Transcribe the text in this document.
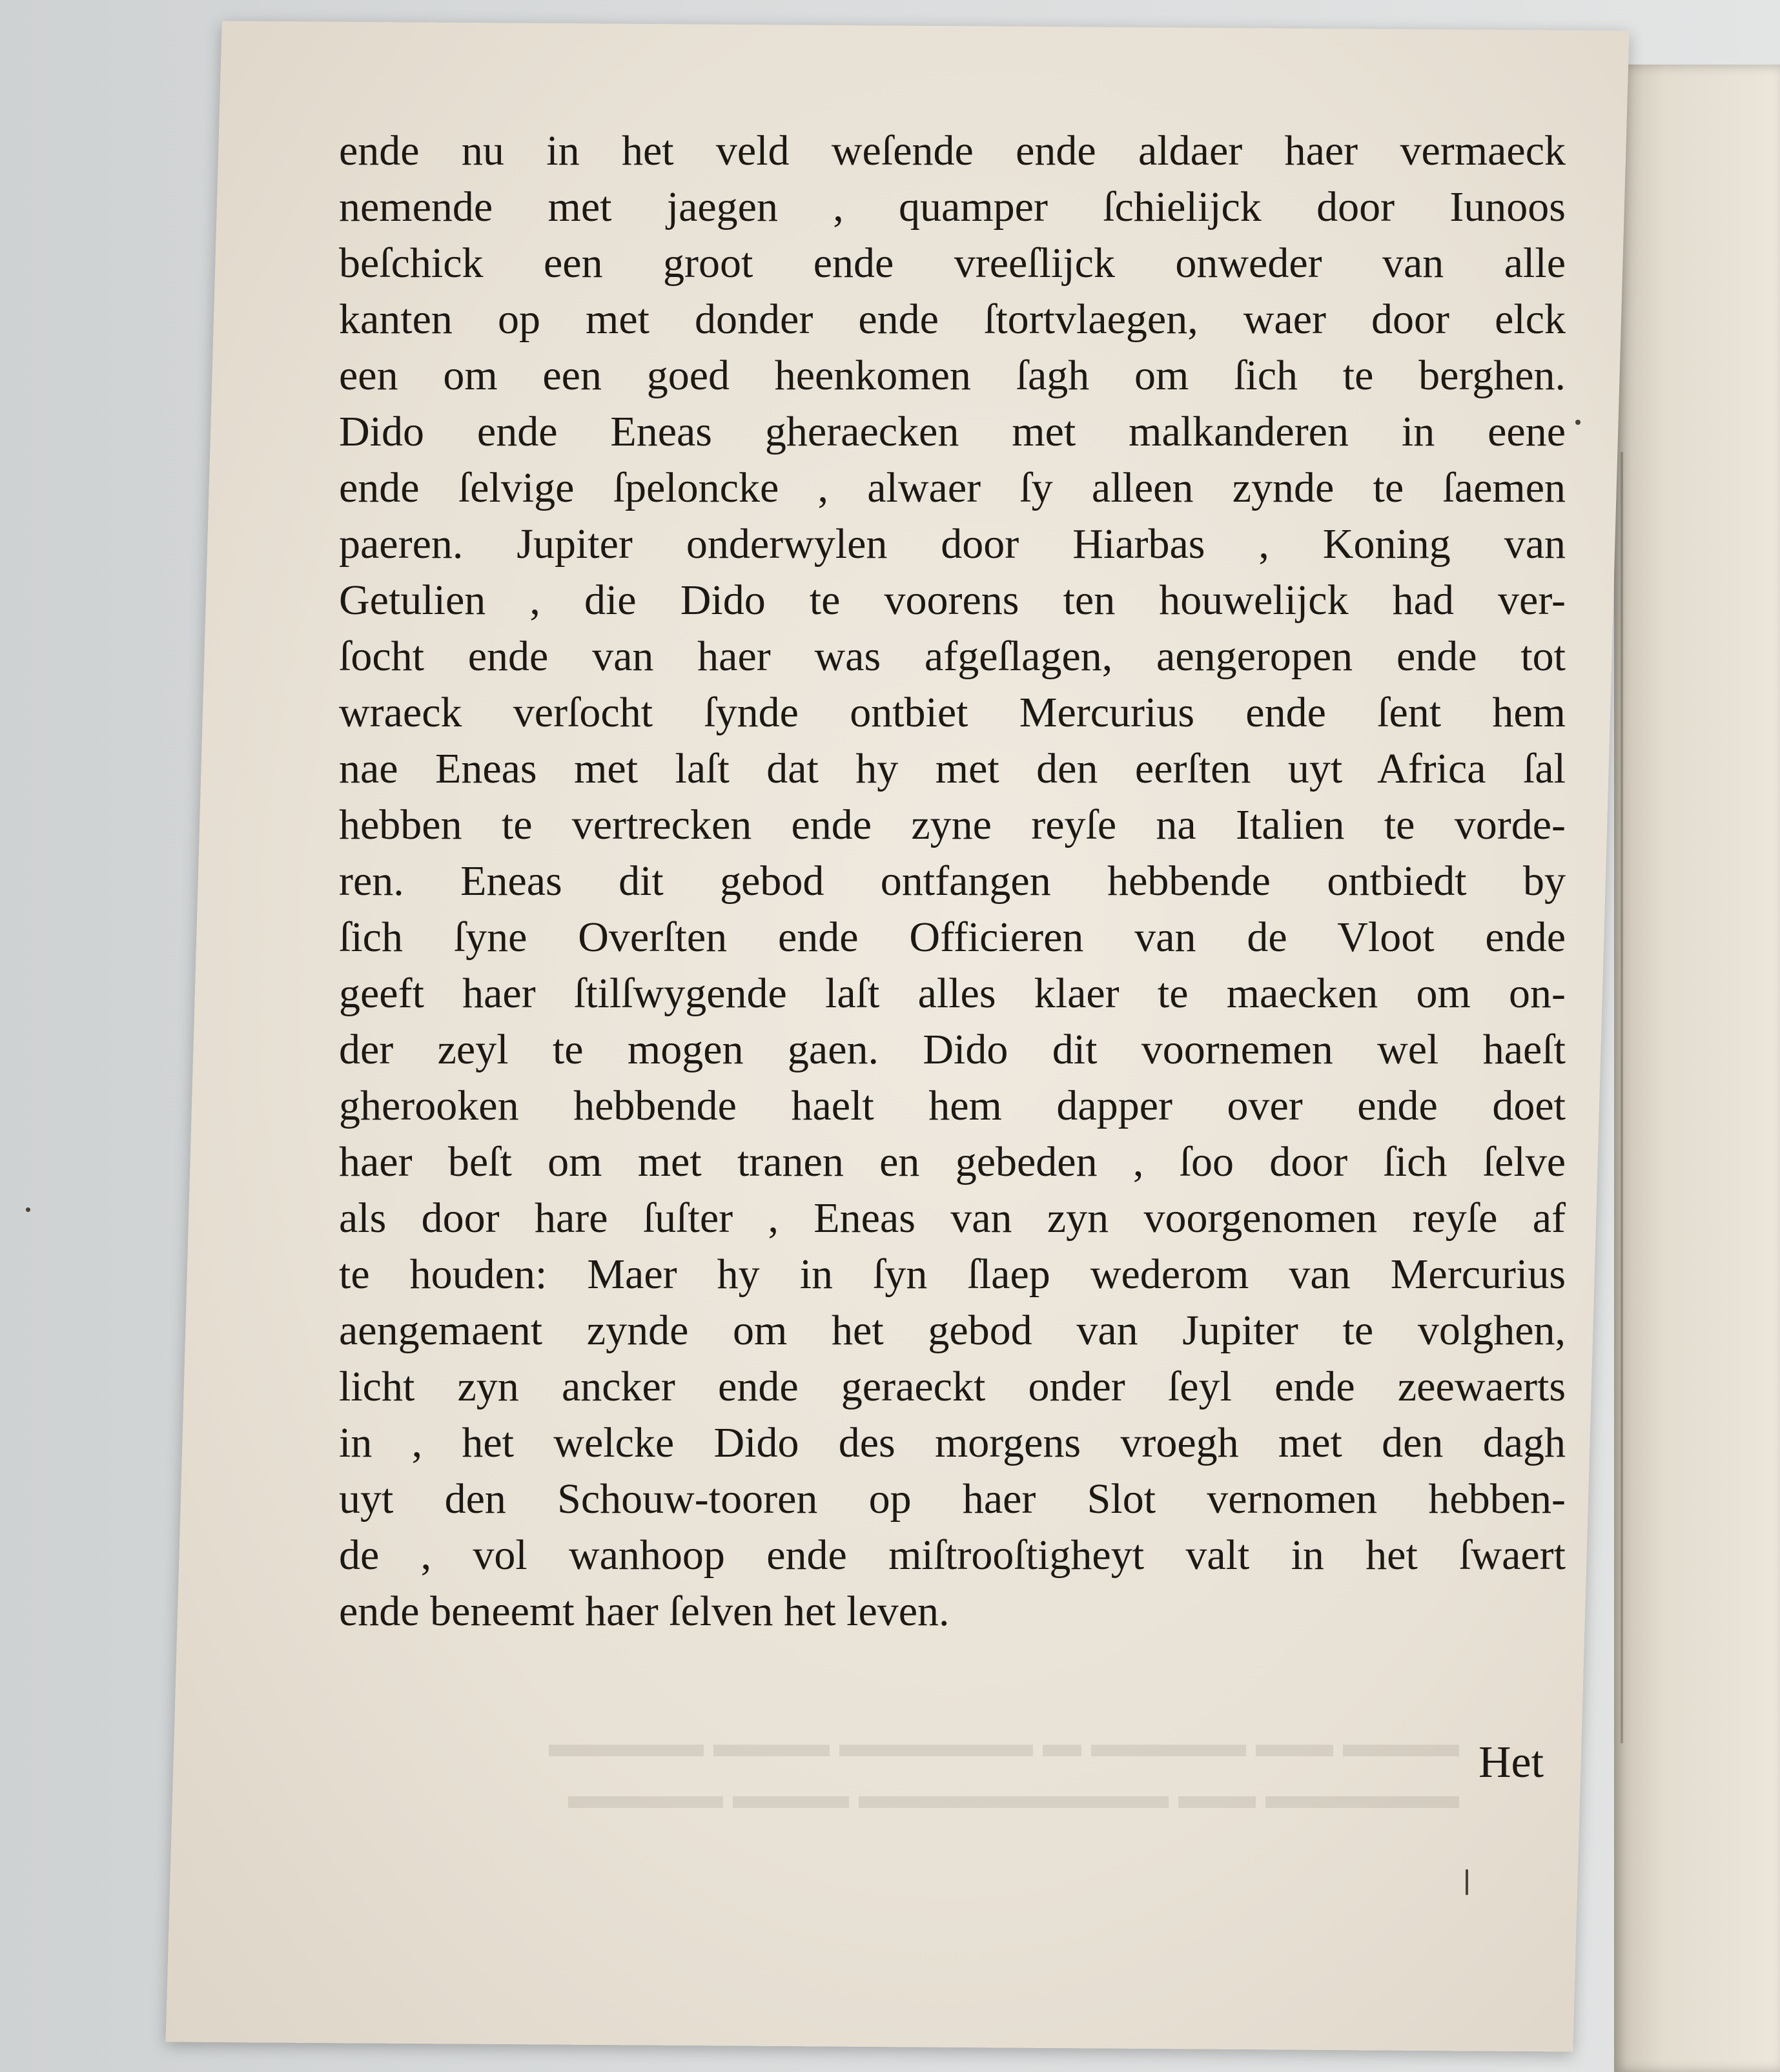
▬▬▬ ▬▬ ▬▬▬▬ ▬ ▬▬▬▬▬ ▬▬▬ ▬▬▬▬
▬▬▬▬▬ ▬▬ ▬▬▬▬▬▬▬▬ ▬▬▬ ▬▬▬▬
ende nu in het veld weſende ende aldaer haer vermaeck
nemende met jaegen , quamper ſchielijck door Iunoos
beſchick een groot ende vreeſlijck onweder van alle
kanten op met donder ende ſtortvlaegen, waer door elck
een om een goed heenkomen ſagh om ſich te berghen.
Dido ende Eneas gheraecken met malkanderen in eene
ende ſelvige ſpelonckе , alwaer ſy alleen zynde te ſaemen
paeren. Jupiter onderwylen door Hiarbas , Koning van
Getulien , die Dido te voorens ten houwelijck had ver-
ſocht ende van haer was afgeſlagen, aengeropen ende tot
wraeck verſocht ſynde ontbiet Mercurius ende ſent hem
nae Eneas met laſt dat hy met den eerſten uyt Africa ſal
hebben te vertrecken ende zyne reyſe na Italien te vorde-
ren. Eneas dit gebod ontfangen hebbende ontbiedt by
ſich ſyne Overſten ende Officieren van de Vloot ende
geeft haer ſtilſwygende laſt alles klaer te maecken om on-
der zeyl te mogen gaen. Dido dit voornemen wel haeſt
gherooken hebbende haelt hem dapper over ende doet
haer beſt om met tranen en gebeden , ſoo door ſich ſelve
als door hare ſuſter , Eneas van zyn voorgenomen reyſe af
te houden: Maer hy in ſyn ſlaep wederom van Mercurius
aengemaent zynde om het gebod van Jupiter te volghen,
licht zyn ancker ende geraeckt onder ſeyl ende zeewaerts
in , het welcke Dido des morgens vroegh met den dagh
uyt den Schouw-tooren op haer Slot vernomen hebben-
de , vol wanhoop ende miſtrooſtigheyt valt in het ſwaert
ende beneemt haer ſelven het leven.
Het
